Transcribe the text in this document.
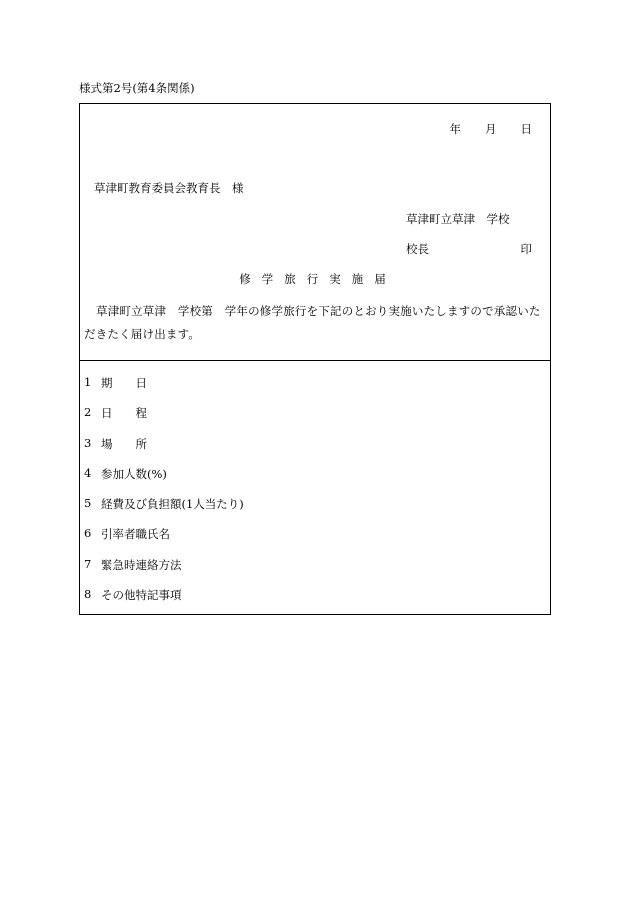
様式第2号(第4条関係)
年 月 日
草津町教育委員会教育長　様
草津町立草津　学校
校長	印
修学旅行実施届
草津町立草津　学校第　学年の修学旅行を下記のとおり実施いたしますので承認いただきたく届け出ます。
1 期　　日
2 日　　程
3 場　　所
4 参加人数(%)
5 経費及び負担額(1人当たり)
6 引率者職氏名
7 緊急時連絡方法
8 その他特記事項
